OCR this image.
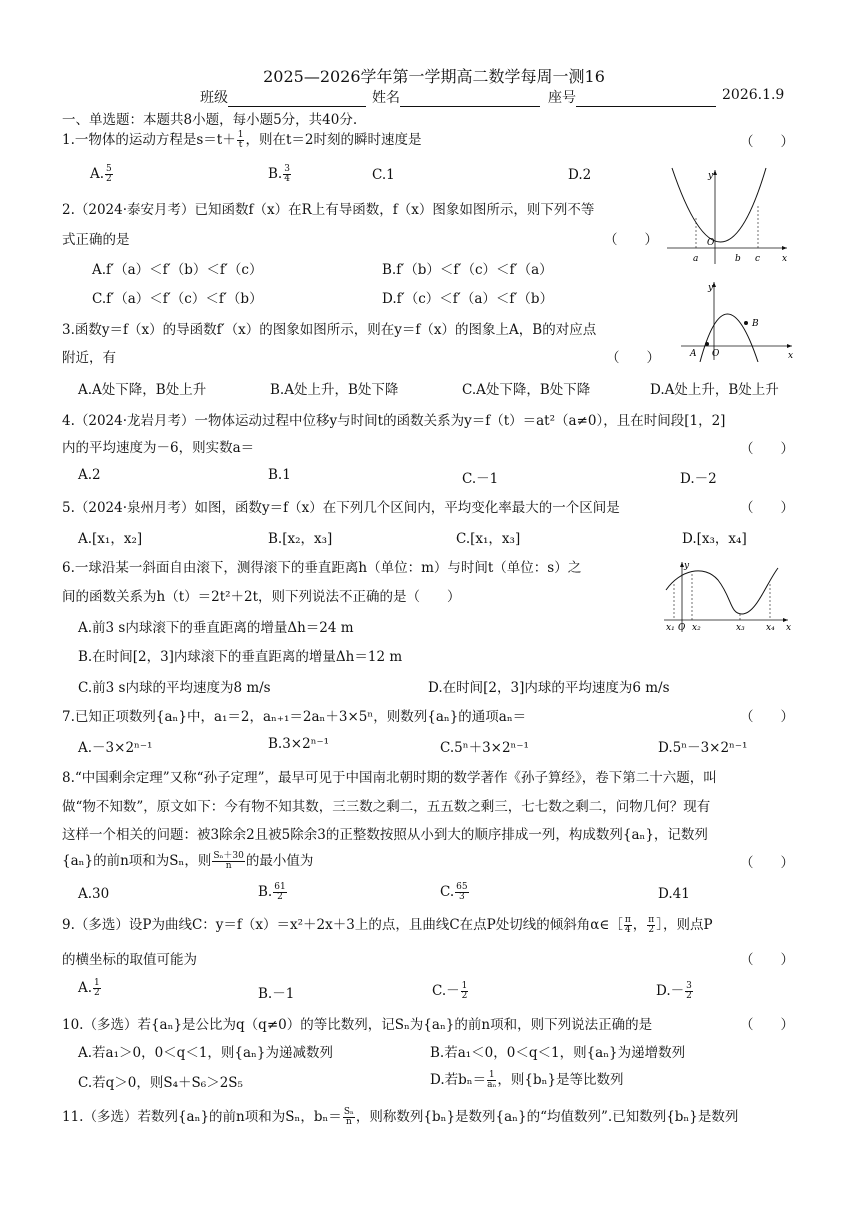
2025—2026学年第一学期高二数学每周一测16
班级	姓名	座号	2026.1.9
一、单选题：本题共8小题，每小题5分，共40分.
1.一物体的运动方程是$s=t+ \frac{1}{t}$ ，则在t＝2时刻的瞬时速度是	（　　）
A. $\frac{5}{2}$	B. $\frac{3}{4}$	C.1	D.2
2.（2024·泰安月考）已知函数f（x）在R上有导函数，f（x）图象如图所示，则下列不等
式正确的是	（　　）
A.f′（a）＜f′（b）＜f′（c）	B.f′（b）＜f′（c）＜f′（a）
C.f′（a）＜f′（c）＜f′（b）	D.f′（c）＜f′（a）＜f′（b）
y
O
x
a	b c
3.函数y＝f（x）的导函数f′（x）的图象如图所示，则在y＝f（x）的图象上A，B的对应点
附近，有	（　　）
A.A处下降，B处上升	B.A处上升，B处下降	C.A处下降，B处下降	D.A处上升，B处上升
y
O	x
A
B
4.（2024·龙岩月考）一物体运动过程中位移y与时间t的函数关系为y＝f（t）＝at²（a≠0），且在时间段[1，2]
内的平均速度为－6，则实数a＝	（　　）
A.2	B.1	C.－1	D.－2
5.（2024·泉州月考）如图，函数y＝f（x）在下列几个区间内，平均变化率最大的一个区间是	（　　）
A.[x₁，x₂]	B.[x₂，x₃]	C.[x₁，x₃]	D.[x₃，x₄]
6.一球沿某一斜面自由滚下，测得滚下的垂直距离h（单位：m）与时间t（单位：s）之
间的函数关系为h（t）＝2t²＋2t，则下列说法不正确的是（　　）
A.前3 s内球滚下的垂直距离的增量Δh＝24 m
B.在时间[2，3]内球滚下的垂直距离的增量Δh＝12 m
C.前3 s内球的平均速度为8 m/s	D.在时间[2，3]内球的平均速度为6 m/s
y
O	x
x₁ x₂	x₃ x₄
7.已知正项数列{aₙ}中，a₁＝2，aₙ₊₁＝2aₙ＋3×5ⁿ，则数列{aₙ}的通项aₙ＝	（　　）
A.－3×2ⁿ⁻¹	B.3×2ⁿ⁻¹	C.5ⁿ＋3×2ⁿ⁻¹	D.5ⁿ－3×2ⁿ⁻¹
8.“中国剩余定理”又称“孙子定理”，最早可见于中国南北朝时期的数学著作《孙子算经》，卷下第二十六题，叫
做“物不知数”，原文如下：今有物不知其数，三三数之剩二，五五数之剩三，七七数之剩二，问物几何？现有
这样一个相关的问题：被3除余2且被5除余3的正整数按照从小到大的顺序排成一列，构成数列{aₙ}，记数列
{aₙ}的前n项和为Sₙ，则 $\frac{\text{Sₙ＋30}}{n}$ 的最小值为	（　　）
A.30	B. $\frac{61}{2}$	C. $\frac{65}{3}$	D.41
9.（多选）设P为曲线C：y＝f（x）＝x²＋2x＋3上的点，且曲线C在点P处切线的倾斜角α∈［ $\frac{\pi}{4}$ ， $\frac{\pi}{2}$ ］，则点P
的横坐标的取值可能为	（　　）
A. $\frac{1}{2}$	B.－1	$C.- \frac{1}{2}$	$D.- \frac{3}{2}$
10.（多选）若{aₙ}是公比为q（q≠0）的等比数列，记Sₙ为{aₙ}的前n项和，则下列说法正确的是	（　　）
A.若a₁＞0，0＜q＜1，则{aₙ}为递减数列	B.若a₁＜0，0＜q＜1，则{aₙ}为递增数列
C.若q＞0，则S₄＋S₆＞2S₅	D.若$b_n= \frac{1}{\text{aₙ}}$ ，则{bₙ}是等比数列
11.（多选）若数列{aₙ}的前n项和为Sₙ，$b_n= \frac{\text{Sₙ}}{n}$ ，则称数列{bₙ}是数列{aₙ}的“均值数列”.已知数列{bₙ}是数列
